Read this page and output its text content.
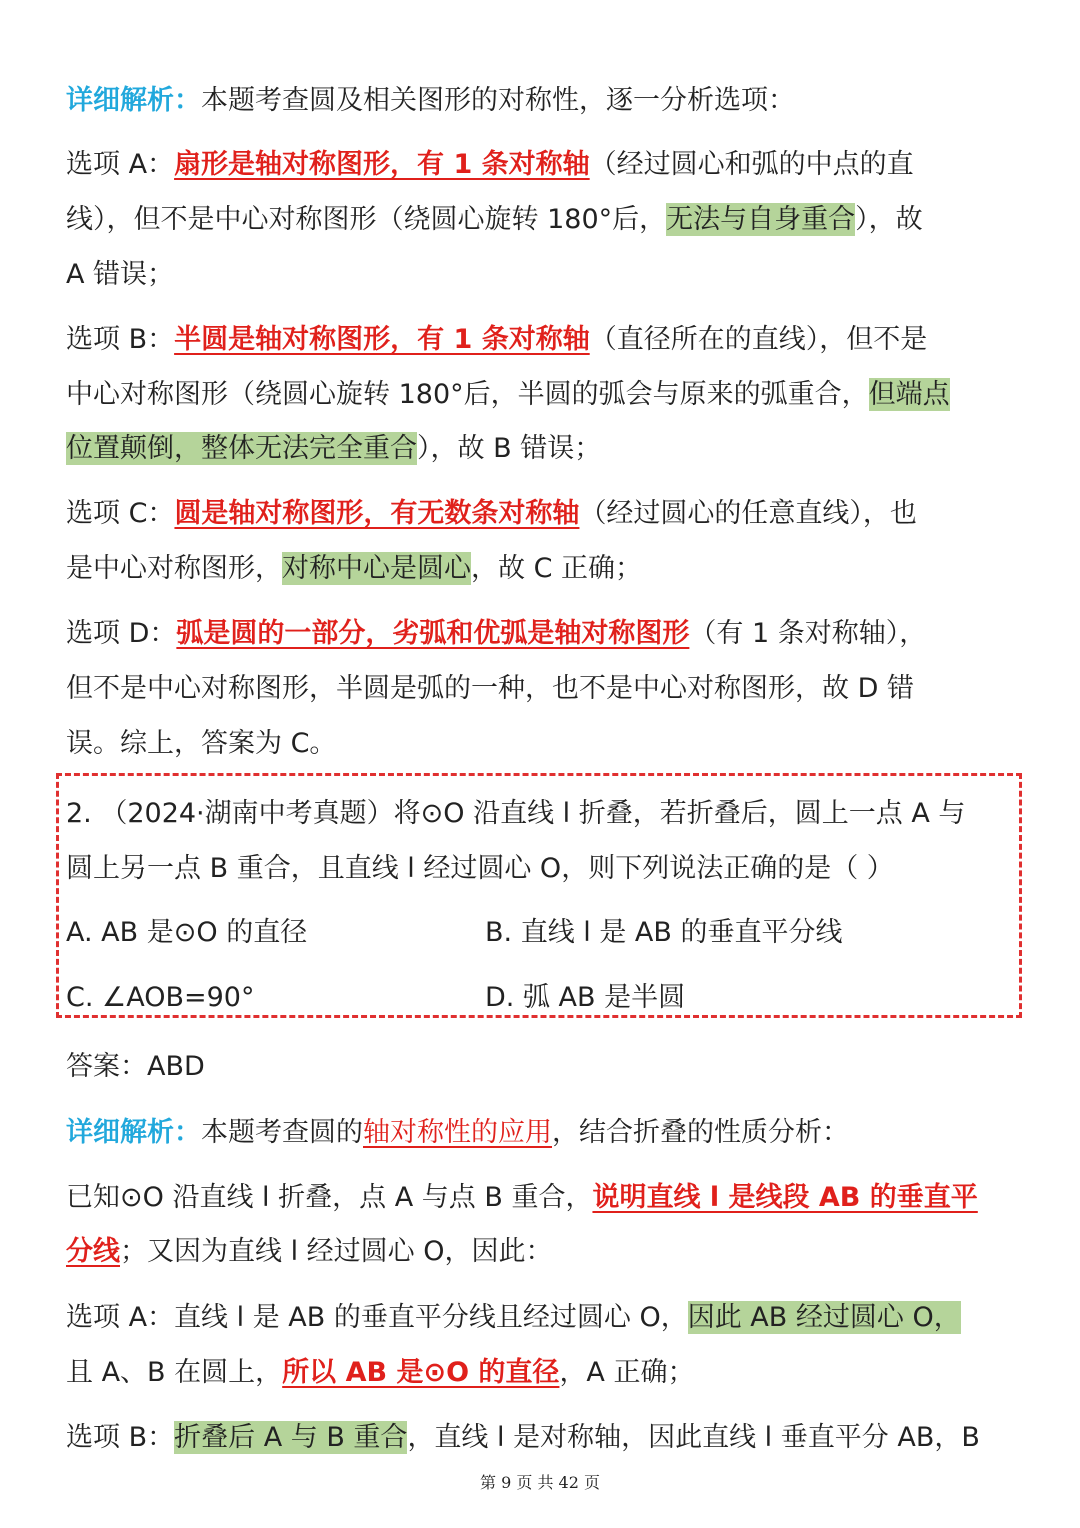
详细解析：本题考查圆及相关图形的对称性，逐一分析选项：
选项 A：扇形是轴对称图形，有 1 条对称轴（经过圆心和弧的中点的直
线），但不是中心对称图形（绕圆心旋转 180°后，无法与自身重合），故
A 错误；
选项 B：半圆是轴对称图形，有 1 条对称轴（直径所在的直线），但不是
中心对称图形（绕圆心旋转 180°后，半圆的弧会与原来的弧重合，但端点
位置颠倒，整体无法完全重合），故 B 错误；
选项 C：圆是轴对称图形，有无数条对称轴（经过圆心的任意直线），也
是中心对称图形，对称中心是圆心，故 C 正确；
选项 D：弧是圆的一部分，劣弧和优弧是轴对称图形（有 1 条对称轴），
但不是中心对称图形，半圆是弧的一种，也不是中心对称图形，故 D 错
误。综上，答案为 C。
2. （2024·湖南中考真题）将⊙O 沿直线 l 折叠，若折叠后，圆上一点 A 与
圆上另一点 B 重合，且直线 l 经过圆心 O，则下列说法正确的是（ ）
A. AB 是⊙O 的直径	B. 直线 l 是 AB 的垂直平分线
C. ∠AOB=90°	D. 弧 AB 是半圆
答案：ABD
详细解析：本题考查圆的轴对称性的应用，结合折叠的性质分析：
已知⊙O 沿直线 l 折叠，点 A 与点 B 重合，说明直线 l 是线段 AB 的垂直平
分线；又因为直线 l 经过圆心 O，因此：
选项 A：直线 l 是 AB 的垂直平分线且经过圆心 O，因此 AB 经过圆心 O，
且 A、B 在圆上，所以 AB 是⊙O 的直径，A 正确；
选项 B：折叠后 A 与 B 重合，直线 l 是对称轴，因此直线 l 垂直平分 AB，B
第 9 页 共 42 页
